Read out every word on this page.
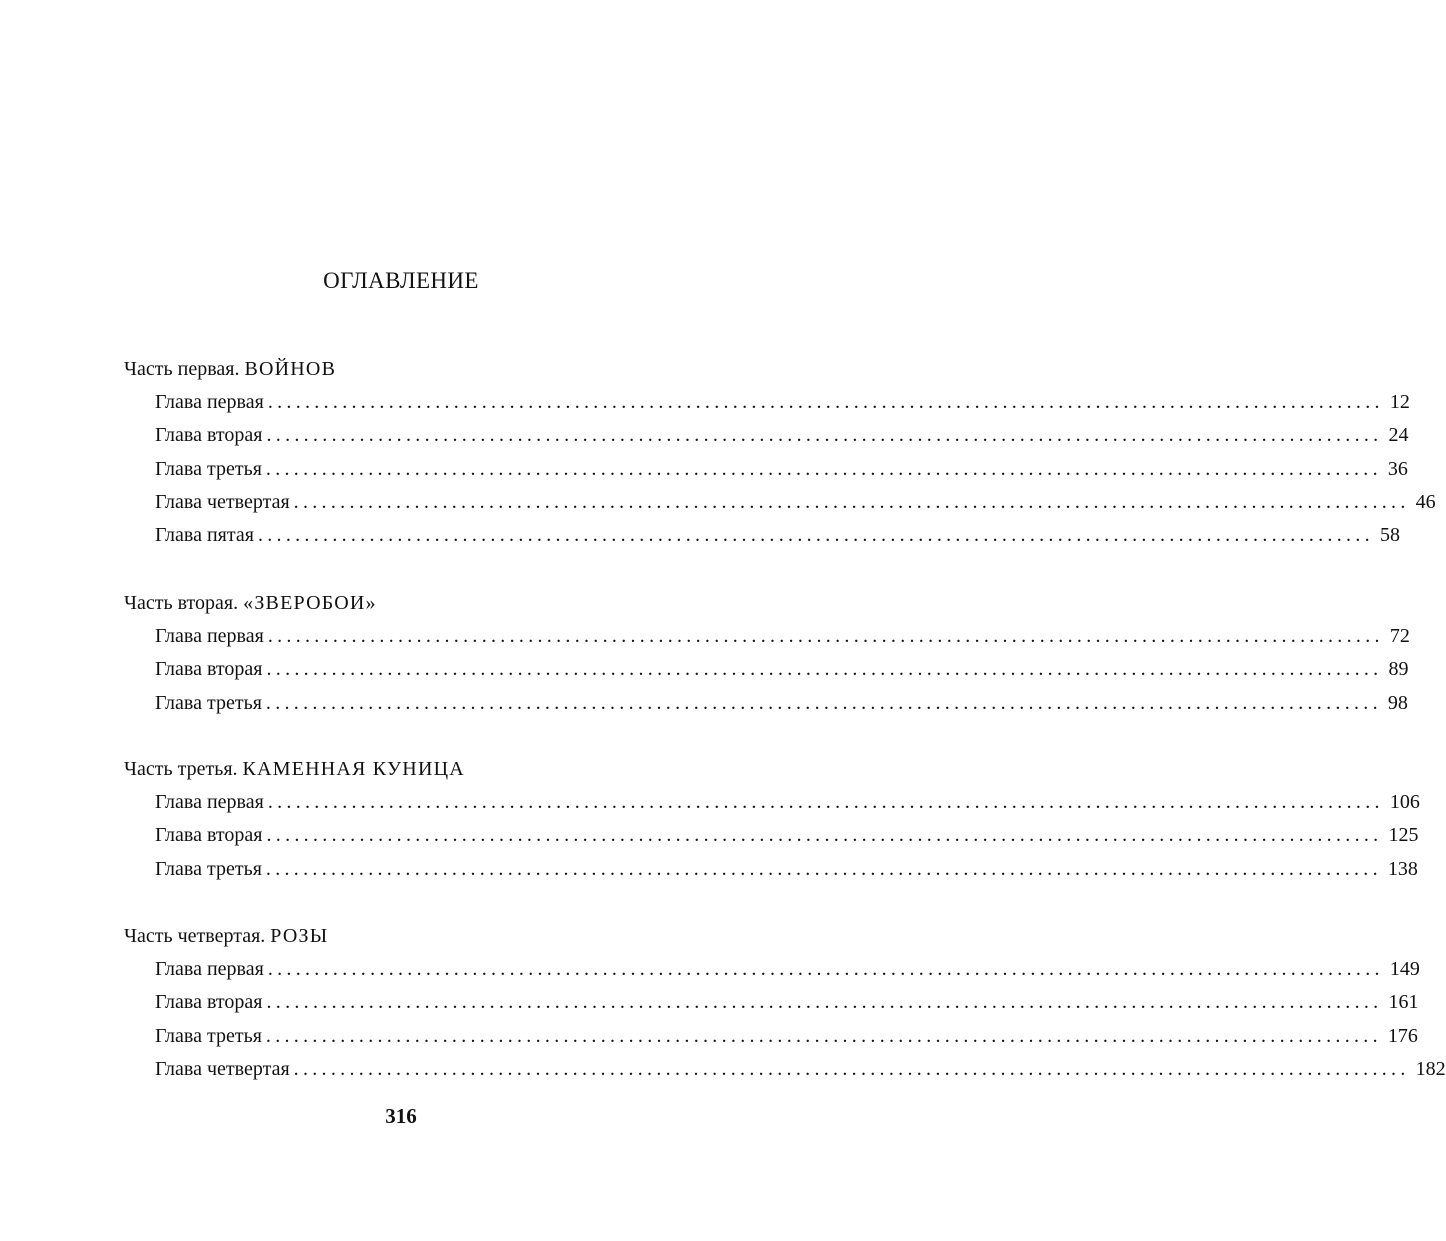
ОГЛАВЛЕНИЕ
Часть первая. ВОЙНОВ
Глава первая ........................................................................................................................ 12
Глава вторая ........................................................................................................................ 24
Глава третья ........................................................................................................................ 36
Глава четвертая ........................................................................................................................ 46
Глава пятая ........................................................................................................................ 58
Часть вторая. «ЗВЕРОБОИ»
Глава первая ........................................................................................................................ 72
Глава вторая ........................................................................................................................ 89
Глава третья ........................................................................................................................ 98
Часть третья. КАМЕННАЯ КУНИЦА
Глава первая ........................................................................................................................ 106
Глава вторая ........................................................................................................................ 125
Глава третья ........................................................................................................................ 138
Часть четвертая. РОЗЫ
Глава первая ........................................................................................................................ 149
Глава вторая ........................................................................................................................ 161
Глава третья ........................................................................................................................ 176
Глава четвертая ........................................................................................................................ 182
316
